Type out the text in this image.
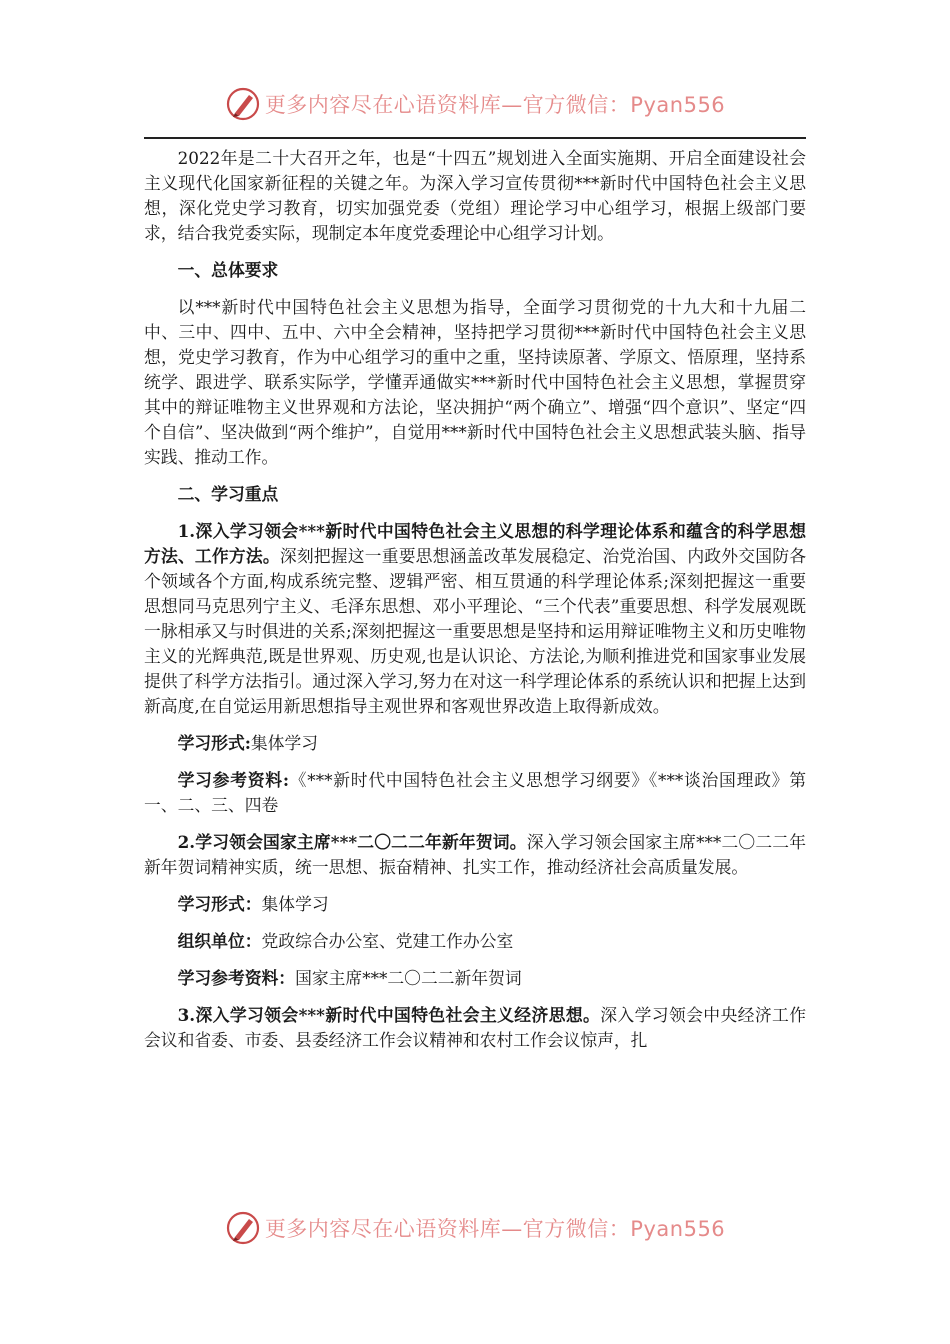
更多内容尽在心语资料库—官方微信：Pyan556

2022年是二十大召开之年，也是“十四五”规划进入全面实施期、开启全面建设社会主义现代化国家新征程的关键之年。为深入学习宣传贯彻***新时代中国特色社会主义思想，深化党史学习教育，切实加强党委（党组）理论学习中心组学习，根据上级部门要求，结合我党委实际，现制定本年度党委理论中心组学习计划。

一、总体要求

以***新时代中国特色社会主义思想为指导，全面学习贯彻党的十九大和十九届二中、三中、四中、五中、六中全会精神，坚持把学习贯彻***新时代中国特色社会主义思想，党史学习教育，作为中心组学习的重中之重，坚持读原著、学原文、悟原理，坚持系统学、跟进学、联系实际学，学懂弄通做实***新时代中国特色社会主义思想，掌握贯穿其中的辩证唯物主义世界观和方法论，坚决拥护“两个确立”、增强“四个意识”、坚定“四个自信”、坚决做到“两个维护”，自觉用***新时代中国特色社会主义思想武装头脑、指导实践、推动工作。

二、学习重点

1.深入学习领会***新时代中国特色社会主义思想的科学理论体系和蕴含的科学思想方法、工作方法。深刻把握这一重要思想涵盖改革发展稳定、治党治国、内政外交国防各个领域各个方面,构成系统完整、逻辑严密、相互贯通的科学理论体系;深刻把握这一重要思想同马克思列宁主义、毛泽东思想、邓小平理论、“三个代表”重要思想、科学发展观既一脉相承又与时俱进的关系;深刻把握这一重要思想是坚持和运用辩证唯物主义和历史唯物主义的光辉典范,既是世界观、历史观,也是认识论、方法论,为顺利推进党和国家事业发展提供了科学方法指引。通过深入学习,努力在对这一科学理论体系的系统认识和把握上达到新高度,在自觉运用新思想指导主观世界和客观世界改造上取得新成效。

学习形式:集体学习

学习参考资料:《***新时代中国特色社会主义思想学习纲要》《***谈治国理政》第一、二、三、四卷

2.学习领会国家主席***二〇二二年新年贺词。深入学习领会国家主席***二〇二二年新年贺词精神实质，统一思想、振奋精神、扎实工作，推动经济社会高质量发展。

学习形式：集体学习

组织单位：党政综合办公室、党建工作办公室

学习参考资料：国家主席***二〇二二新年贺词

3.深入学习领会***新时代中国特色社会主义经济思想。深入学习领会中央经济工作会议和省委、市委、县委经济工作会议精神和农村工作会议惊声，扎

更多内容尽在心语资料库—官方微信：Pyan556
